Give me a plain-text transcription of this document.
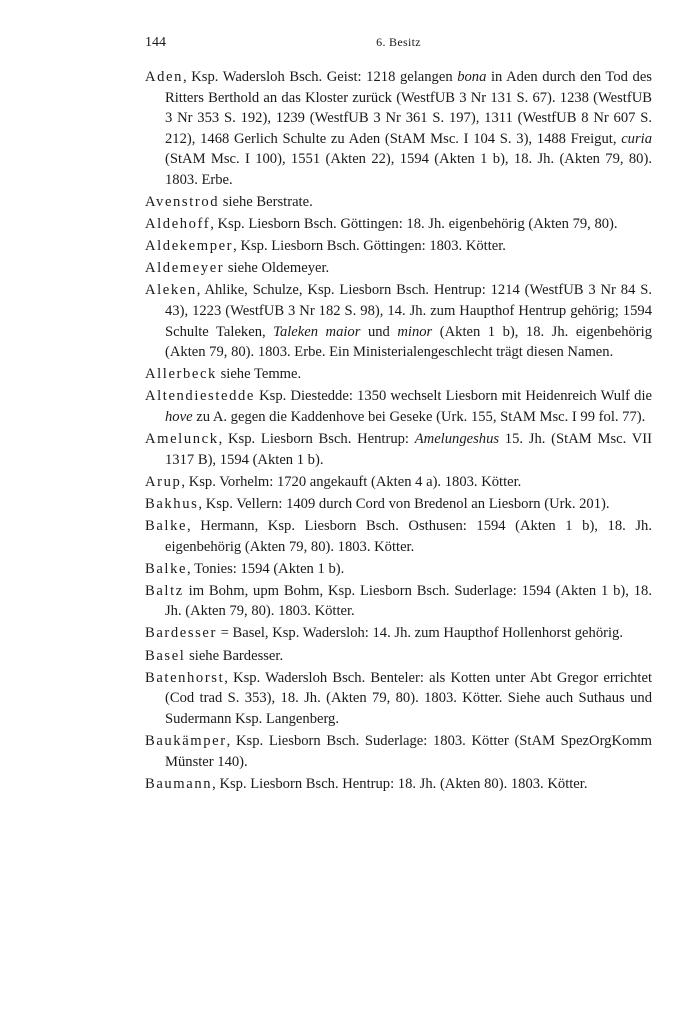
144	6. Besitz

Aden, Ksp. Wadersloh Bsch. Geist: 1218 gelangen bona in Aden durch den Tod des Ritters Berthold an das Kloster zurück (WestfUB 3 Nr 131 S. 67). 1238 (WestfUB 3 Nr 353 S. 192), 1239 (WestfUB 3 Nr 361 S. 197), 1311 (WestfUB 8 Nr 607 S. 212), 1468 Gerlich Schulte zu Aden (StAM Msc. I 104 S. 3), 1488 Freigut, curia (StAM Msc. I 100), 1551 (Akten 22), 1594 (Akten 1 b), 18. Jh. (Akten 79, 80). 1803. Erbe.

Avenstrod siehe Berstrate.

Aldehoff, Ksp. Liesborn Bsch. Göttingen: 18. Jh. eigenbehörig (Akten 79, 80).

Aldekemper, Ksp. Liesborn Bsch. Göttingen: 1803. Kötter.

Aldemeyer siehe Oldemeyer.

Aleken, Ahlike, Schulze, Ksp. Liesborn Bsch. Hentrup: 1214 (WestfUB 3 Nr 84 S. 43), 1223 (WestfUB 3 Nr 182 S. 98), 14. Jh. zum Haupthof Hentrup gehörig; 1594 Schulte Taleken, Taleken maior und minor (Akten 1 b), 18. Jh. eigenbehörig (Akten 79, 80). 1803. Erbe. Ein Ministerialengeschlecht trägt diesen Namen.

Allerbeck siehe Temme.

Altendiestedde Ksp. Diestedde: 1350 wechselt Liesborn mit Heidenreich Wulf die hove zu A. gegen die Kaddenhove bei Geseke (Urk. 155, StAM Msc. I 99 fol. 77).

Amelunck, Ksp. Liesborn Bsch. Hentrup: Amelungeshus 15. Jh. (StAM Msc. VII 1317 B), 1594 (Akten 1 b).

Arup, Ksp. Vorhelm: 1720 angekauft (Akten 4 a). 1803. Kötter.

Bakhus, Ksp. Vellern: 1409 durch Cord von Bredenol an Liesborn (Urk. 201).

Balke, Hermann, Ksp. Liesborn Bsch. Osthusen: 1594 (Akten 1 b), 18. Jh. eigenbehörig (Akten 79, 80). 1803. Kötter.

Balke, Tonies: 1594 (Akten 1 b).

Baltz im Bohm, upm Bohm, Ksp. Liesborn Bsch. Suderlage: 1594 (Akten 1 b), 18. Jh. (Akten 79, 80). 1803. Kötter.

Bardesser = Basel, Ksp. Wadersloh: 14. Jh. zum Haupthof Hollenhorst gehörig.

Basel siehe Bardesser.

Batenhorst, Ksp. Wadersloh Bsch. Benteler: als Kotten unter Abt Gregor errichtet (Cod trad S. 353), 18. Jh. (Akten 79, 80). 1803. Kötter. Siehe auch Suthaus und Sudermann Ksp. Langenberg.

Baukämper, Ksp. Liesborn Bsch. Suderlage: 1803. Kötter (StAM SpezOrgKomm Münster 140).

Baumann, Ksp. Liesborn Bsch. Hentrup: 18. Jh. (Akten 80). 1803. Kötter.
